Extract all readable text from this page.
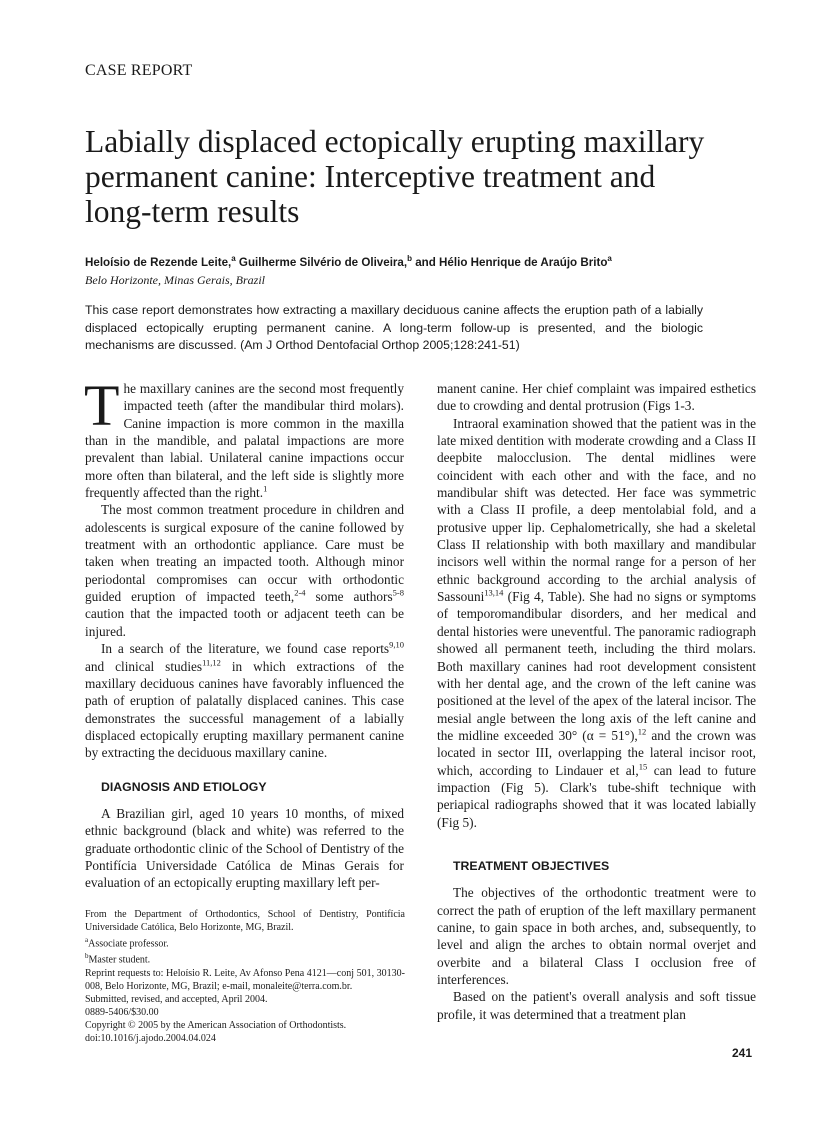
CASE REPORT
Labially displaced ectopically erupting maxillary permanent canine: Interceptive treatment and long-term results
Heloísio de Rezende Leite,$^a$ Guilherme Silvério de Oliveira,$^b$ and Hélio Henrique de Araújo Brito$^a$
Belo Horizonte, Minas Gerais, Brazil
This case report demonstrates how extracting a maxillary deciduous canine affects the eruption path of a labially displaced ectopically erupting permanent canine. A long-term follow-up is presented, and the biologic mechanisms are discussed. (Am J Orthod Dentofacial Orthop 2005;128:241-51)

The maxillary canines are the second most frequently impacted teeth (after the mandibular third molars). Canine impaction is more common in the maxilla than in the mandible, and palatal impactions are more prevalent than labial. Unilateral canine impactions occur more often than bilateral, and the left side is slightly more frequently affected than the right.$^1$

The most common treatment procedure in children and adolescents is surgical exposure of the canine followed by treatment with an orthodontic appliance. Care must be taken when treating an impacted tooth. Although minor periodontal compromises can occur with orthodontic guided eruption of impacted teeth,$^{2-4}$ some authors$^{5-8}$ caution that the impacted tooth or adjacent teeth can be injured.

In a search of the literature, we found case reports$^{9,10}$ and clinical studies$^{11,12}$ in which extractions of the maxillary deciduous canines have favorably influenced the path of eruption of palatally displaced canines. This case demonstrates the successful management of a labially displaced ectopically erupting maxillary permanent canine by extracting the deciduous maxillary canine.

DIAGNOSIS AND ETIOLOGY

A Brazilian girl, aged 10 years 10 months, of mixed ethnic background (black and white) was referred to the graduate orthodontic clinic of the School of Dentistry of the Pontifícia Universidade Católica de Minas Gerais for evaluation of an ectopically erupting maxillary left per-

manent canine. Her chief complaint was impaired esthetics due to crowding and dental protrusion (Figs 1-3.

Intraoral examination showed that the patient was in the late mixed dentition with moderate crowding and a Class II deepbite malocclusion. The dental midlines were coincident with each other and with the face, and no mandibular shift was detected. Her face was symmetric with a Class II profile, a deep mentolabial fold, and a protusive upper lip. Cephalometrically, she had a skeletal Class II relationship with both maxillary and mandibular incisors well within the normal range for a person of her ethnic background according to the archial analysis of Sassouni$^{13,14}$ (Fig 4, Table). She had no signs or symptoms of temporomandibular disorders, and her medical and dental histories were uneventful. The panoramic radiograph showed all permanent teeth, including the third molars. Both maxillary canines had root development consistent with her dental age, and the crown of the left canine was positioned at the level of the apex of the lateral incisor. The mesial angle between the long axis of the left canine and the midline exceeded 30° (α = 51°),$^{12}$ and the crown was located in sector III, overlapping the lateral incisor root, which, according to Lindauer et al,$^{15}$ can lead to future impaction (Fig 5). Clark's tube-shift technique with periapical radiographs showed that it was located labially (Fig 5).

TREATMENT OBJECTIVES

The objectives of the orthodontic treatment were to correct the path of eruption of the left maxillary permanent canine, to gain space in both arches, and, subsequently, to level and align the arches to obtain normal overjet and overbite and a bilateral Class I occlusion free of interferences.

Based on the patient's overall analysis and soft tissue profile, it was determined that a treatment plan

From the Department of Orthodontics, School of Dentistry, Pontifícia Universidade Católica, Belo Horizonte, MG, Brazil.
$^a$Associate professor.
$^b$Master student.
Reprint requests to: Heloísio R. Leite, Av Afonso Pena 4121—conj 501, 30130-008, Belo Horizonte, MG, Brazil; e-mail, monaleite@terra.com.br.
Submitted, revised, and accepted, April 2004.
0889-5406/$30.00
Copyright © 2005 by the American Association of Orthodontists.
doi:10.1016/j.ajodo.2004.04.024
241
